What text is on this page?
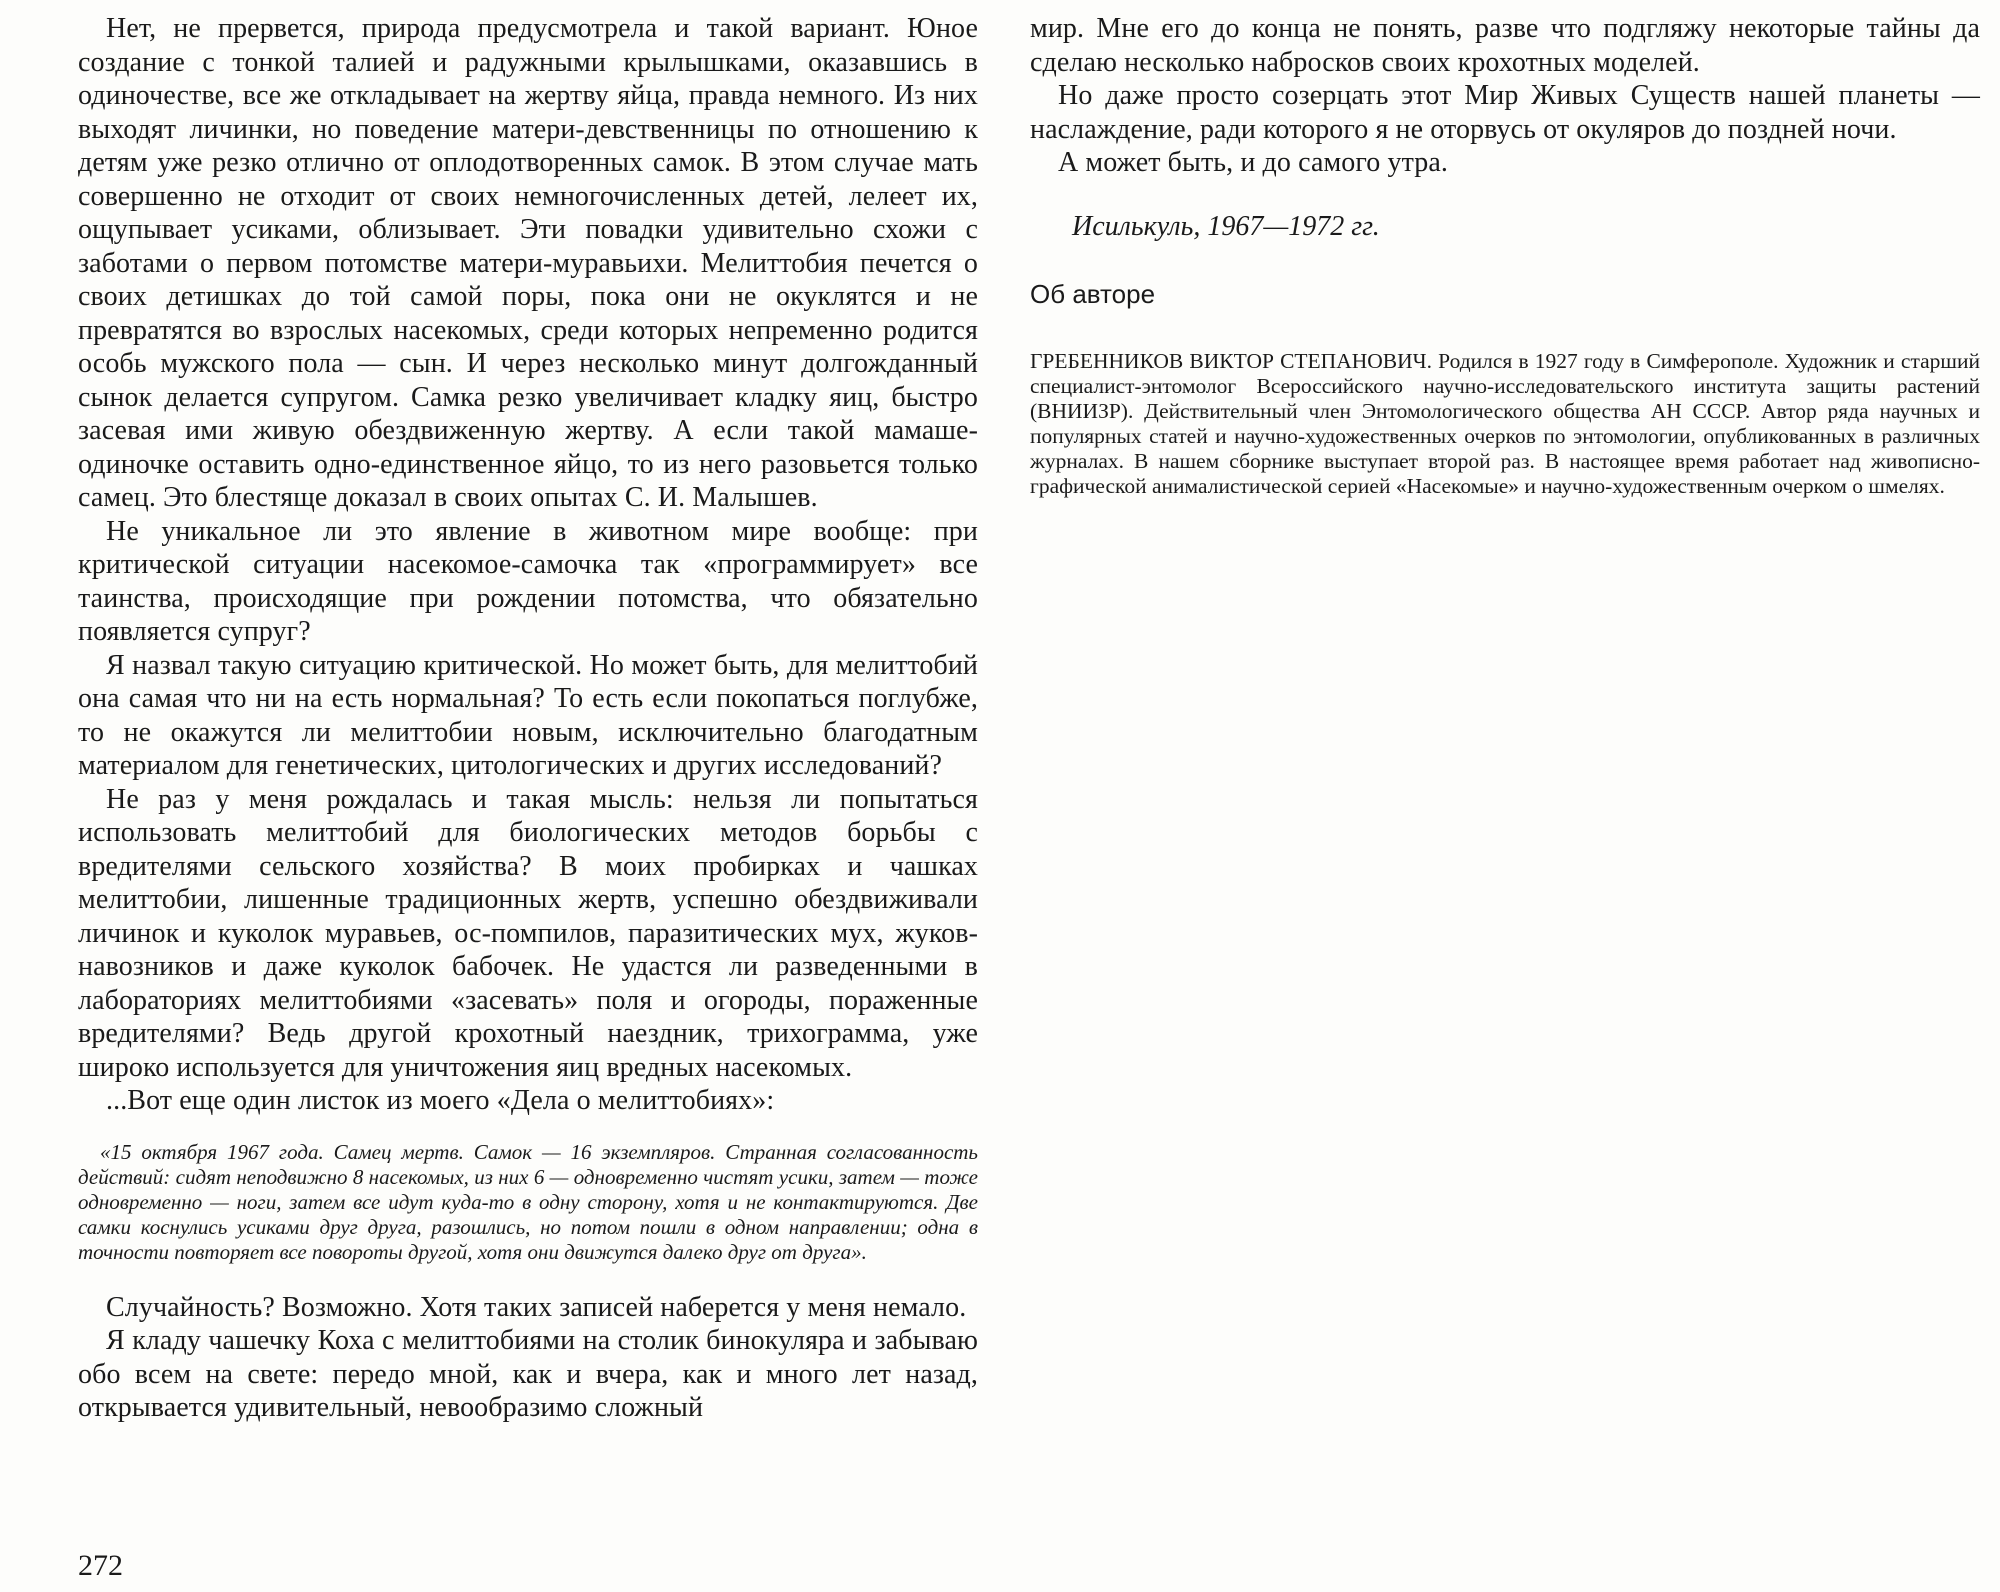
Нет, не прервется, природа предусмотрела и такой вариант. Юное создание с тонкой талией и радужными крылышками, оказавшись в одиночестве, все же откладывает на жертву яйца, правда немного. Из них выходят личинки, но поведение матери-девственницы по отношению к детям уже резко отлично от оплодотворенных самок. В этом случае мать совершенно не отходит от своих немногочисленных детей, лелеет их, ощупывает усиками, облизывает. Эти повадки удивительно схожи с заботами о первом потомстве матери-муравьихи. Мелиттобия печется о своих детишках до той самой поры, пока они не окуклятся и не превратятся во взрослых насекомых, среди которых непременно родится особь мужского пола — сын. И через несколько минут долгожданный сынок делается супругом. Самка резко увеличивает кладку яиц, быстро засевая ими живую обездвиженную жертву. А если такой мамаше-одиночке оставить одно-единственное яйцо, то из него разовьется только самец. Это блестяще доказал в своих опытах С. И. Малышев.

Не уникальное ли это явление в животном мире вообще: при критической ситуации насекомое-самочка так «программирует» все таинства, происходящие при рождении потомства, что обязательно появляется супруг?

Я назвал такую ситуацию критической. Но может быть, для мелиттобий она самая что ни на есть нормальная? То есть если покопаться поглубже, то не окажутся ли мелиттобии новым, исключительно благодатным материалом для генетических, цитологических и других исследований?

Не раз у меня рождалась и такая мысль: нельзя ли попытаться использовать мелиттобий для биологических методов борьбы с вредителями сельского хозяйства? В моих пробирках и чашках мелиттобии, лишенные традиционных жертв, успешно обездвиживали личинок и куколок муравьев, ос-помпилов, паразитических мух, жуков-навозников и даже куколок бабочек. Не удастся ли разведенными в лабораториях мелиттобиями «засевать» поля и огороды, пораженные вредителями? Ведь другой крохотный наездник, трихограмма, уже широко используется для уничтожения яиц вредных насекомых.

...Вот еще один листок из моего «Дела о мелиттобиях»:

«15 октября 1967 года. Самец мертв. Самок — 16 экземпляров. Странная согласованность действий: сидят неподвижно 8 насекомых, из них 6 — одновременно чистят усики, затем — тоже одновременно — ноги, затем все идут куда-то в одну сторону, хотя и не контактируются. Две самки коснулись усиками друг друга, разошлись, но потом пошли в одном направлении; одна в точности повторяет все повороты другой, хотя они движутся далеко друг от друга».

Случайность? Возможно. Хотя таких записей наберется у меня немало.

Я кладу чашечку Коха с мелиттобиями на столик бинокуляра и забываю обо всем на свете: передо мной, как и вчера, как и много лет назад, открывается удивительный, невообразимо сложный

мир. Мне его до конца не понять, разве что подгляжу некоторые тайны да сделаю несколько набросков своих крохотных моделей.

Но даже просто созерцать этот Мир Живых Существ нашей планеты — наслаждение, ради которого я не оторвусь от окуляров до поздней ночи.

А может быть, и до самого утра.

Исилькуль, 1967—1972 гг.

Об авторе

ГРЕБЕННИКОВ ВИКТОР СТЕПАНОВИЧ. Родился в 1927 году в Симферополе. Художник и старший специалист-энтомолог Всероссийского научно-исследовательского института защиты растений (ВНИИЗР). Действительный член Энтомологического общества АН СССР. Автор ряда научных и популярных статей и научно-художественных очерков по энтомологии, опубликованных в различных журналах. В нашем сборнике выступает второй раз. В настоящее время работает над живописно-графической анималистической серией «Насекомые» и научно-художественным очерком о шмелях.

272
